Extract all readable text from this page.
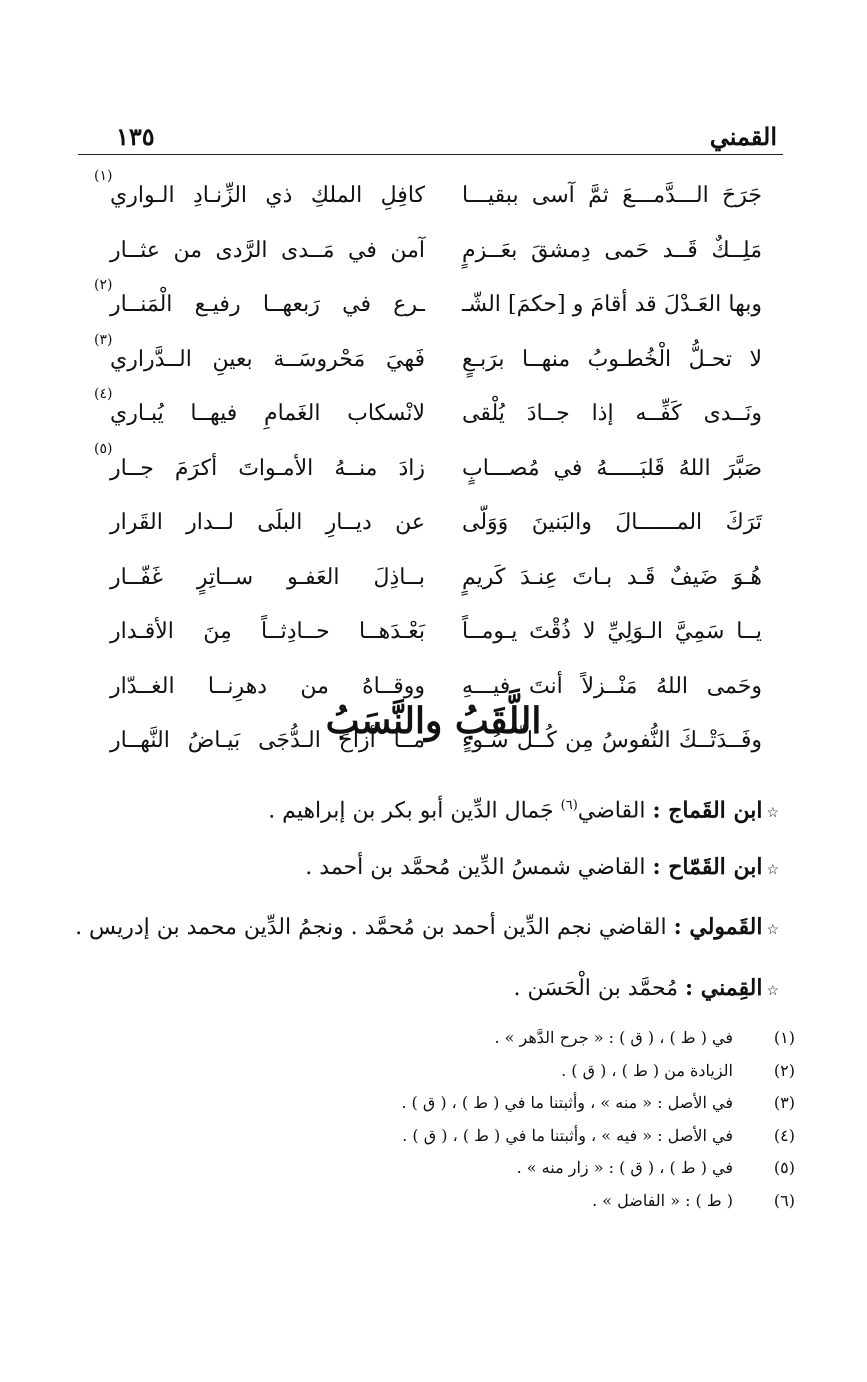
القمني
١٣٥
جَرَحَ الـــدَّمـــعَ ثمَّ آسى ببقيـــا
كافِلِ الملكِ ذي الزِّنـادِ الـواري
(١)
مَلِــكٌ قَــد حَمى دِمشقَ بعَــزمٍ
آمن في مَــدى الرَّدى من عثــار
وبها العَـدْلَ قد أقامَ و [حكمَ] الشّـ
ـرع في رَبعهــا رفيـع الْمَنــار
(٢)
لا تحـلُّ الْخُطـوبُ منهــا برَبـعٍ
فَهيَ مَحْروسَــة بعينِ الــدَّراري
(٣)
ونَــدى كَفِّــه إذا جــادَ يُلْقى
لانْسكاب الغَمامِ فيهــا يُبـاري
(٤)
صَبَّرَ اللهُ قَلبَـــــهُ في مُصـــابٍ
زادَ منــهُ الأمـواتَ أكرَمَ جــار
(٥)
تَرَكَ المــــــالَ والبَنينَ وَوَلّى
عن ديــارِ البلَى لــدار القَرار
هُـوَ ضَيفٌ قَـد بـاتَ عِنـدَ كَريمٍ
بــاذِلَ العَفـو ســاتِرٍ غَفّــار
يــا سَمِيَّ الـوَلِيِّ لا ذُقْتَ يـومــاً
بَعْـدَهــا حــادِثــاً مِنَ الأقـدار
وحَمى اللهُ مَنْــزلاً أنتَ فيـــهِ
ووقــاهُ من دهرِنــا الغــدّار
وفَــدَتْــكَ النُّفوسُ مِن كُــلِّ سُـوءٍ
مــا أزاحَ الـدُّجَى بَيـاضُ النَّهــار
اللَّقَبُ والنَّسَبُ
☆ابن القَماج : القاضي$^{(٦)}$ جَمال الدِّين أبو بكر بن إبراهيم .
☆ابن القَمّاح : القاضي شمسُ الدِّين مُحمَّد بن أحمد .
☆القَمولي : القاضي نجم الدِّين أحمد بن مُحمَّد . ونجمُ الدِّين محمد بن إدريس .
☆القِمني : مُحمَّد بن الْحَسَن .
(١)
في ( ط ) ، ( ق ) : « جرح الدَّهر » .
(٢)
الزيادة من ( ط ) ، ( ق ) .
(٣)
في الأصل : « منه » ، وأثبتنا ما في ( ط ) ، ( ق ) .
(٤)
في الأصل : « فيه » ، وأثبتنا ما في ( ط ) ، ( ق ) .
(٥)
في ( ط ) ، ( ق ) : « زار منه » .
(٦)
( ط ) : « الفاضل » .
